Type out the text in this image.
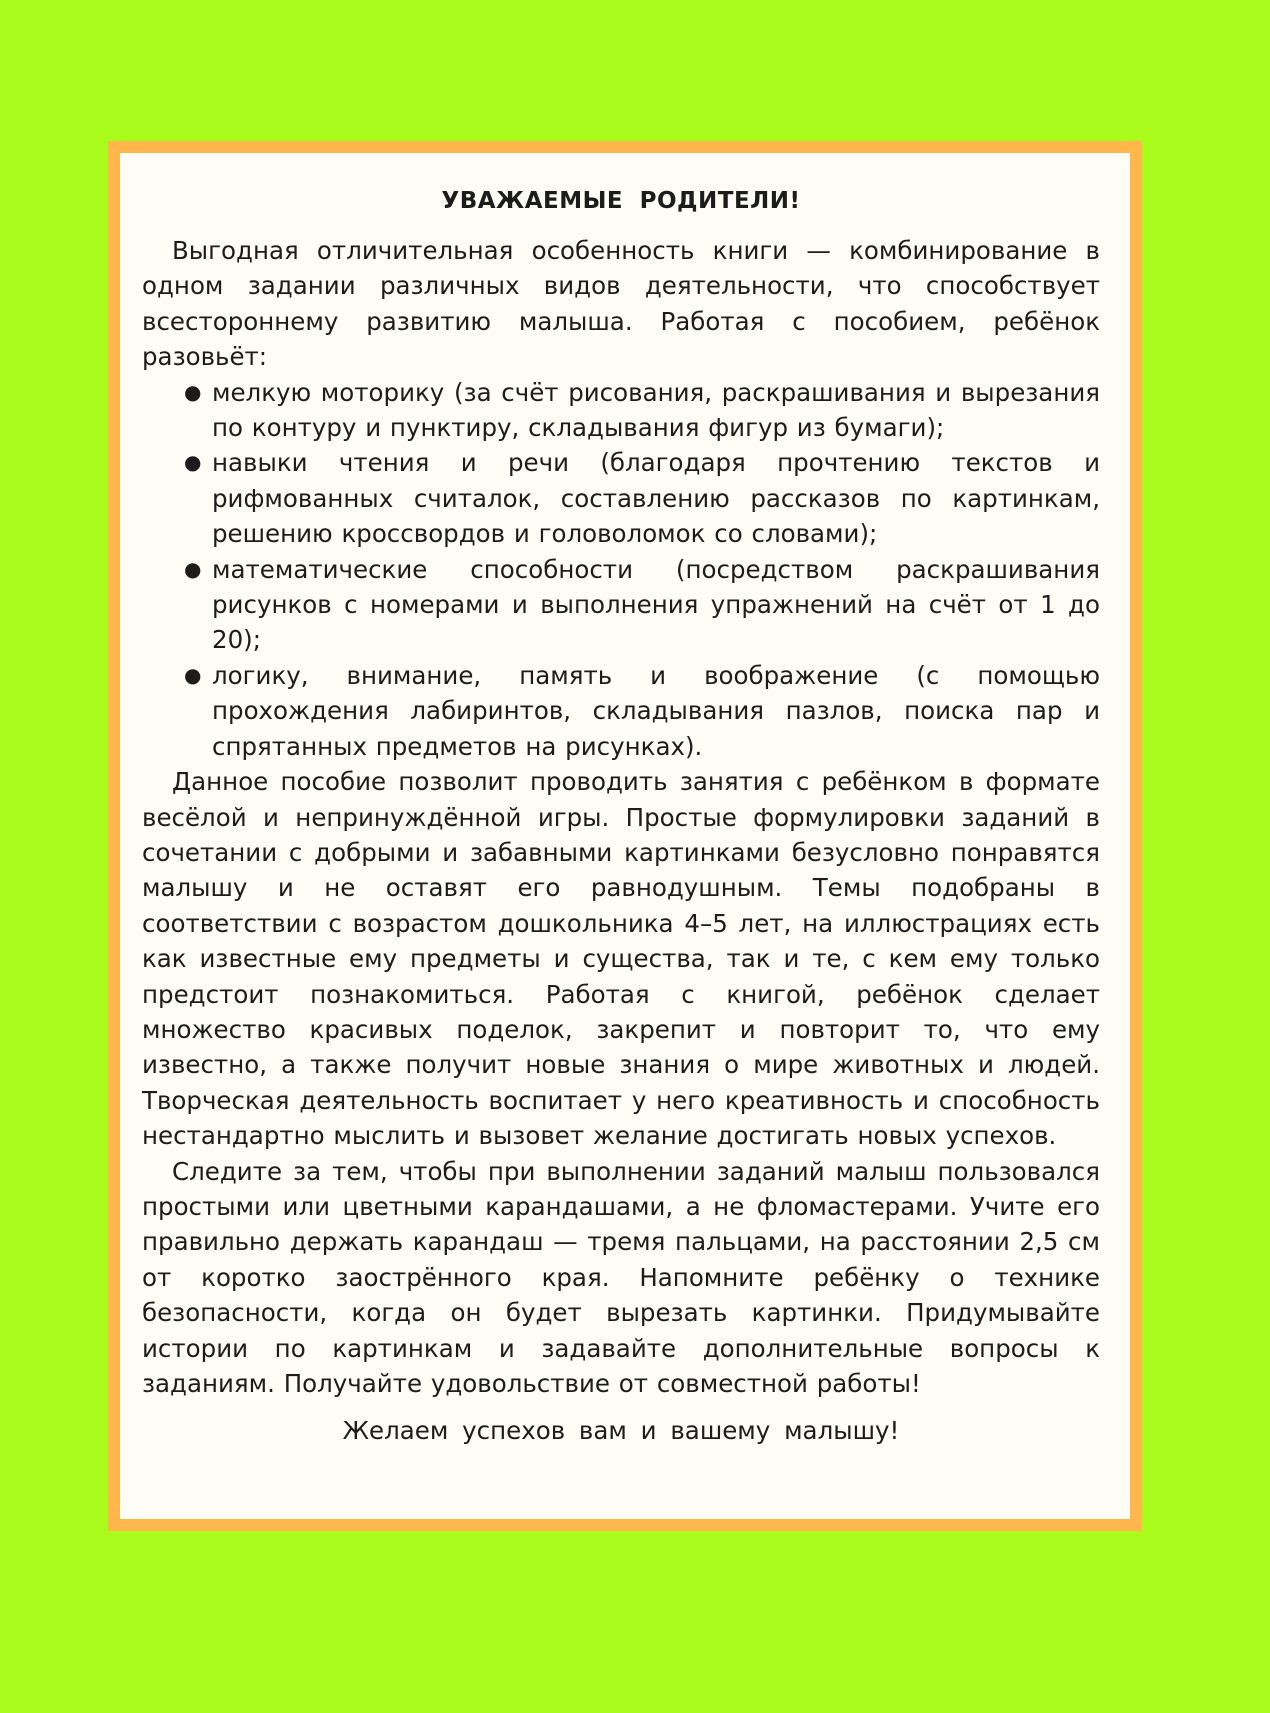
УВАЖАЕМЫЕ РОДИТЕЛИ!

Выгодная отличительная особенность книги — комбинирование в одном задании различных видов деятельности, что способствует всестороннему развитию малыша. Работая с пособием, ребёнок разовьёт:

● мелкую моторику (за счёт рисования, раскрашивания и вырезания по контуру и пунктиру, складывания фигур из бумаги);
● навыки чтения и речи (благодаря прочтению текстов и рифмованных считалок, составлению рассказов по картинкам, решению кроссвордов и головоломок со словами);
● математические способности (посредством раскрашивания рисунков с номерами и выполнения упражнений на счёт от 1 до 20);
● логику, внимание, память и воображение (с помощью прохождения лабиринтов, складывания пазлов, поиска пар и спрятанных предметов на рисунках).

Данное пособие позволит проводить занятия с ребёнком в формате весёлой и непринуждённой игры. Простые формулировки заданий в сочетании с добрыми и забавными картинками безусловно понравятся малышу и не оставят его равнодушным. Темы подобраны в соответствии с возрастом дошкольника 4–5 лет, на иллюстрациях есть как известные ему предметы и существа, так и те, с кем ему только предстоит познакомиться. Работая с книгой, ребёнок сделает множество красивых поделок, закрепит и повторит то, что ему известно, а также получит новые знания о мире животных и людей. Творческая деятельность воспитает у него креативность и способность нестандартно мыслить и вызовет желание достигать новых успехов.

Следите за тем, чтобы при выполнении заданий малыш пользовался простыми или цветными карандашами, а не фломастерами. Учите его правильно держать карандаш — тремя пальцами, на расстоянии 2,5 см от коротко заострённого края. Напомните ребёнку о технике безопасности, когда он будет вырезать картинки. Придумывайте истории по картинкам и задавайте дополнительные вопросы к заданиям. Получайте удовольствие от совместной работы!

Желаем успехов вам и вашему малышу!
